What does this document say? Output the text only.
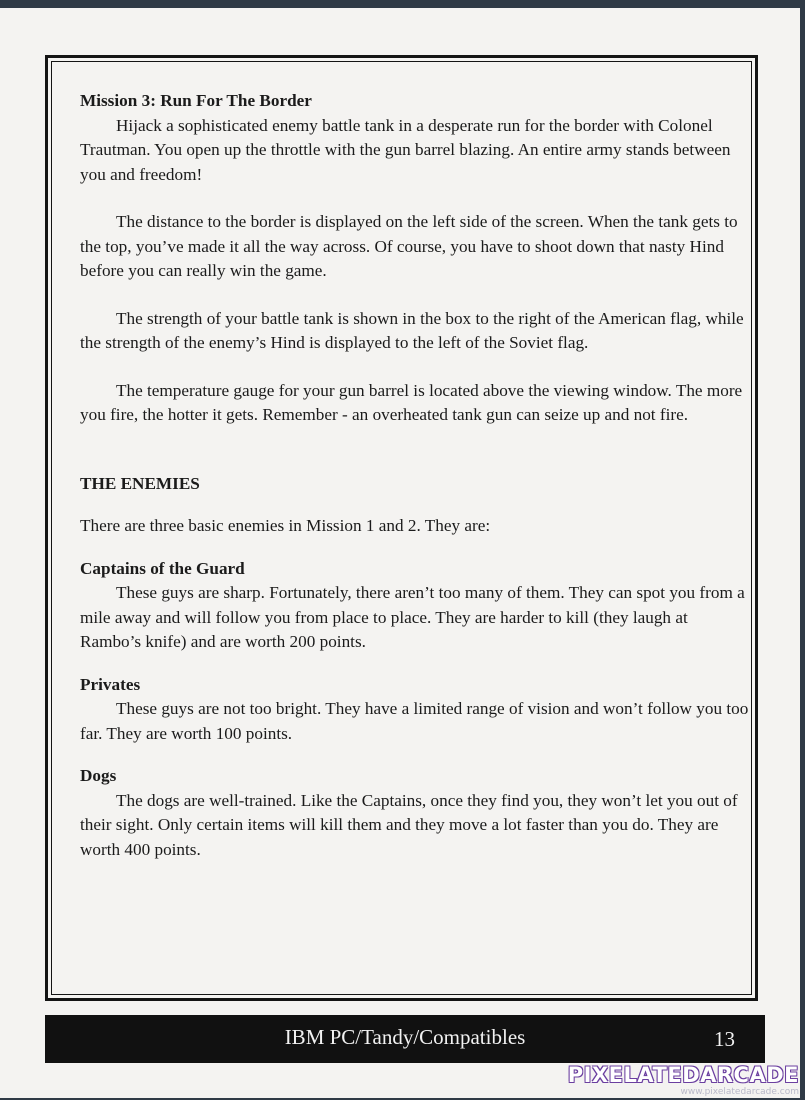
Mission 3: Run For The Border

Hijack a sophisticated enemy battle tank in a desperate run for the border with Colonel Trautman. You open up the throttle with the gun barrel blazing. An entire army stands between you and freedom!

The distance to the border is displayed on the left side of the screen. When the tank gets to the top, you’ve made it all the way across. Of course, you have to shoot down that nasty Hind before you can really win the game.

The strength of your battle tank is shown in the box to the right of the American flag, while the strength of the enemy’s Hind is displayed to the left of the Soviet flag.

The temperature gauge for your gun barrel is located above the viewing window. The more you fire, the hotter it gets. Remember - an overheated tank gun can seize up and not fire.

THE ENEMIES

There are three basic enemies in Mission 1 and 2. They are:

Captains of the Guard

These guys are sharp. Fortunately, there aren’t too many of them. They can spot you from a mile away and will follow you from place to place. They are harder to kill (they laugh at Rambo’s knife) and are worth 200 points.

Privates

These guys are not too bright. They have a limited range of vision and won’t follow you too far. They are worth 100 points.

Dogs

The dogs are well-trained. Like the Captains, once they find you, they won’t let you out of their sight. Only certain items will kill them and they move a lot faster than you do. They are worth 400 points.

IBM PC/Tandy/Compatibles	13
PIXELATEDARCADE
www.pixelatedarcade.com
